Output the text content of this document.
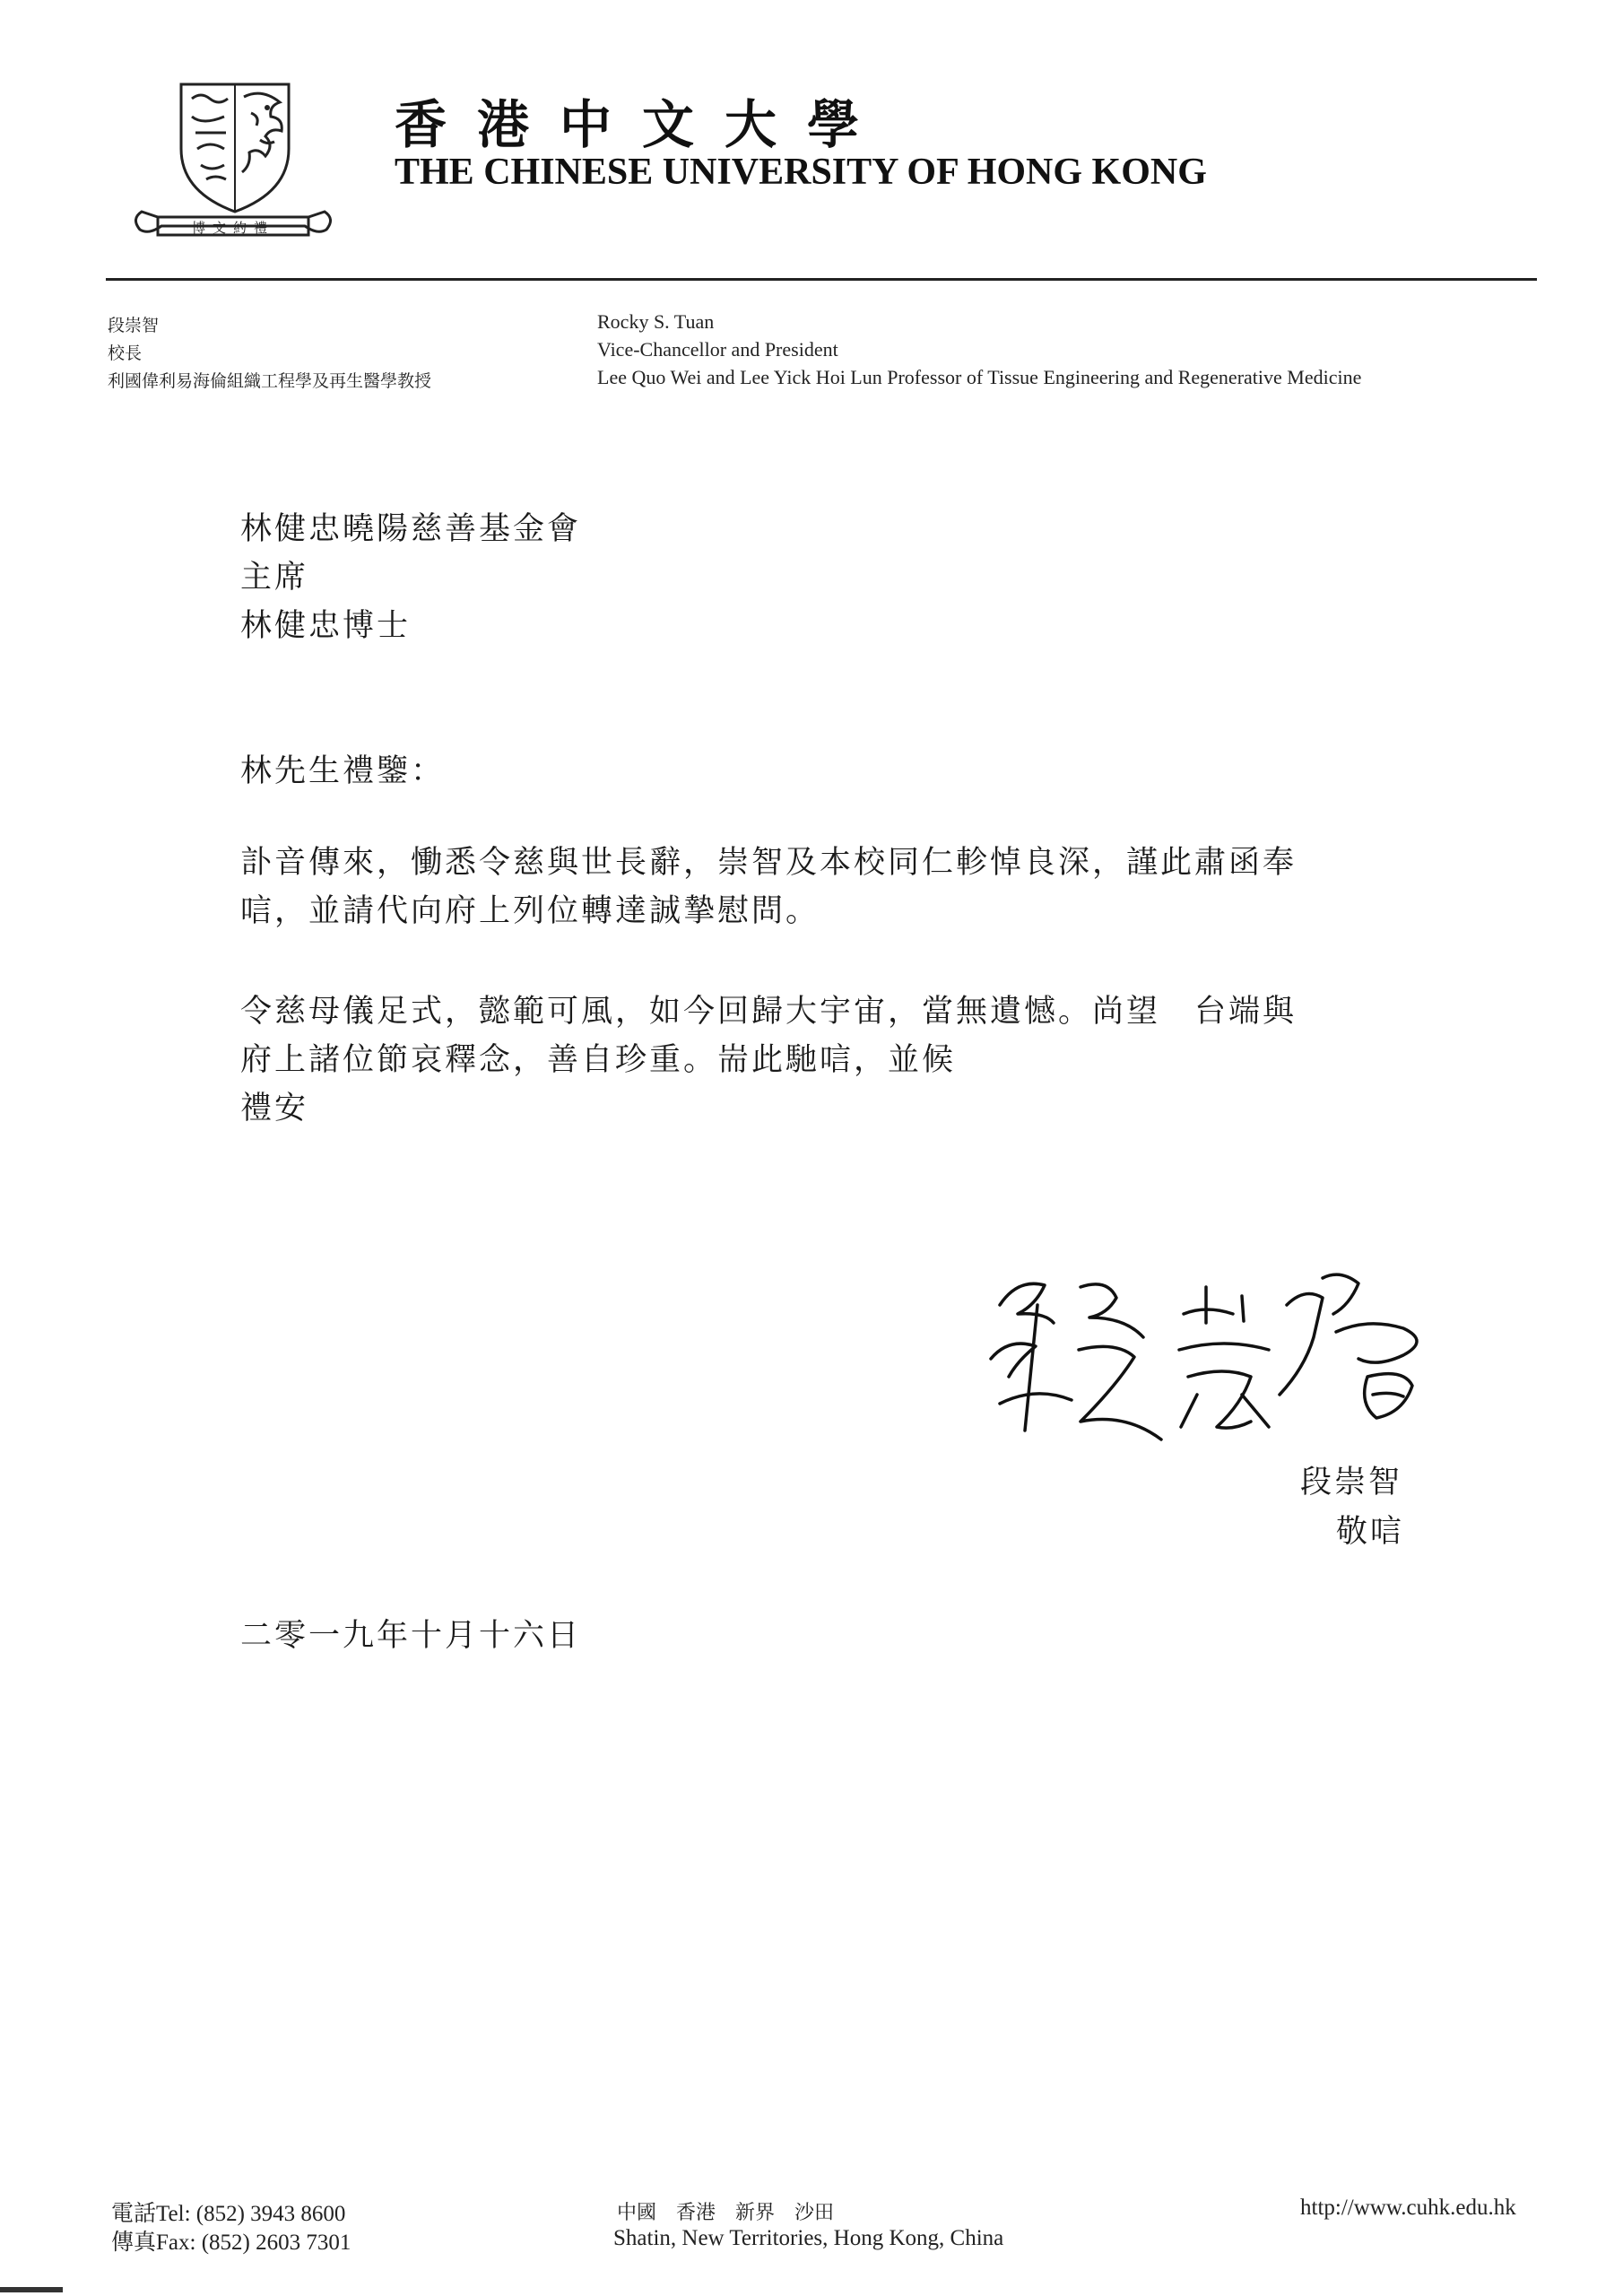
博文約禮
香港中文大學
THE CHINESE UNIVERSITY OF HONG KONG
段崇智
校長
利國偉利易海倫組織工程學及再生醫學教授
Rocky S. Tuan
Vice-Chancellor and President
Lee Quo Wei and Lee Yick Hoi Lun Professor of Tissue Engineering and Regenerative Medicine
林健忠曉陽慈善基金會
主席
林健忠博士
林先生禮鑒：
訃音傳來，慟悉令慈與世長辭，崇智及本校同仁軫悼良深，謹此肅函奉
唁，並請代向府上列位轉達誠摯慰問。
令慈母儀足式，懿範可風，如今回歸大宇宙，當無遺憾。尚望　台端與
府上諸位節哀釋念，善自珍重。耑此馳唁，並候
禮安
段崇智
敬唁
二零一九年十月十六日
電話Tel: (852) 3943 8600
傳真Fax: (852) 2603 7301
中國　香港　新界　沙田
Shatin, New Territories, Hong Kong, China
http://www.cuhk.edu.hk
